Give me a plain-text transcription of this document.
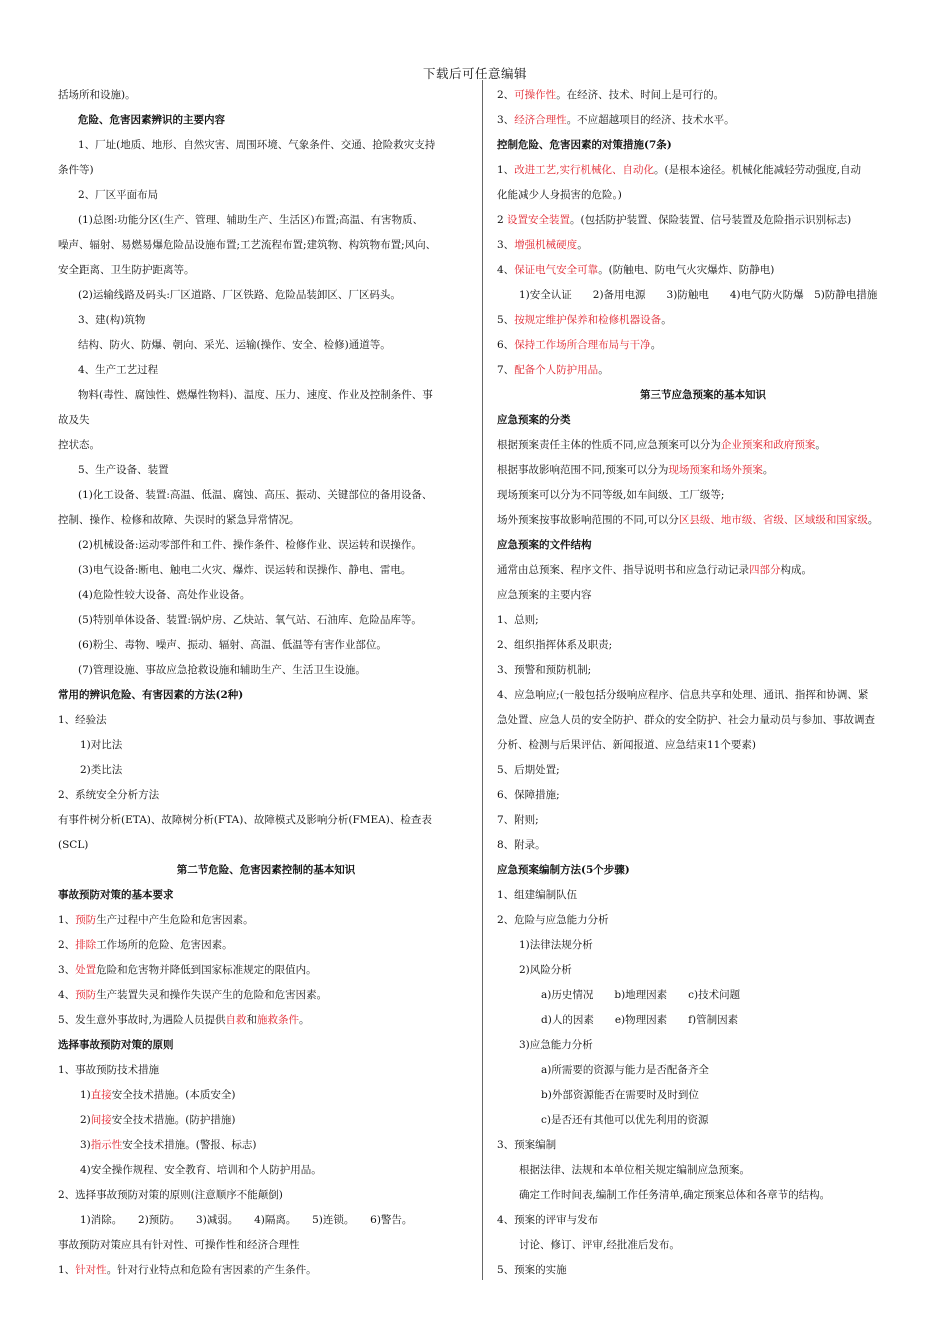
下载后可任意编辑
括场所和设施)。
危险、危害因素辨识的主要内容
1、厂址(地质、地形、自然灾害、周围环境、气象条件、交通、抢险救灾支持
条件等)
2、厂区平面布局
(1)总图:功能分区(生产、管理、辅助生产、生活区)布置;高温、有害物质、
噪声、辐射、易燃易爆危险品设施布置;工艺流程布置;建筑物、构筑物布置;风向、
安全距离、卫生防护距离等。
(2)运输线路及码头:厂区道路、厂区铁路、危险品装卸区、厂区码头。
3、建(构)筑物
结构、防火、防爆、朝向、采光、运输(操作、安全、检修)通道等。
4、生产工艺过程
物料(毒性、腐蚀性、燃爆性物料)、温度、压力、速度、作业及控制条件、事
故及失
控状态。
5、生产设备、装置
(1)化工设备、装置:高温、低温、腐蚀、高压、振动、关键部位的备用设备、
控制、操作、检修和故障、失误时的紧急异常情况。
(2)机械设备:运动零部件和工件、操作条件、检修作业、误运转和误操作。
(3)电气设备:断电、触电二火灾、爆炸、误运转和误操作、静电、雷电。
(4)危险性较大设备、高处作业设备。
(5)特别单体设备、装置:锅炉房、乙炔站、氧气站、石油库、危险品库等。
(6)粉尘、毒物、噪声、振动、辐射、高温、低温等有害作业部位。
(7)管理设施、事故应急抢救设施和辅助生产、生活卫生设施。
常用的辨识危险、有害因素的方法(2种)
1、经验法
1)对比法
2)类比法
2、系统安全分析方法
有事件树分析(ETA)、故障树分析(FTA)、故障模式及影响分析(FMEA)、检查表
(SCL)
第二节危险、危害因素控制的基本知识
事故预防对策的基本要求
1、预防生产过程中产生危险和危害因素。
2、排除工作场所的危险、危害因素。
3、处置危险和危害物并降低到国家标准规定的限值内。
4、预防生产装置失灵和操作失误产生的危险和危害因素。
5、发生意外事故时,为遇险人员提供自救和施救条件。
选择事故预防对策的原则
1、事故预防技术措施
1)直接安全技术措施。(本质安全)
2)间接安全技术措施。(防护措施)
3)指示性安全技术措施。(警报、标志)
4)安全操作规程、安全教育、培训和个人防护用品。
2、选择事故预防对策的原则(注意顺序不能颠倒)
1)消除。　　2)预防。　　3)减弱。　　4)隔离。　　5)连锁。　　6)警告。
事故预防对策应具有针对性、可操作性和经济合理性
1、针对性。针对行业特点和危险有害因素的产生条件。
2、可操作性。在经济、技术、时间上是可行的。
3、经济合理性。不应超越项目的经济、技术水平。
控制危险、危害因素的对策措施(7条)
1、改进工艺,实行机械化、自动化。(是根本途径。机械化能减轻劳动强度,自动
化能减少人身损害的危险。)
2 设置安全装置。(包括防护装置、保险装置、信号装置及危险指示识别标志)
3、增强机械硬度。
4、保证电气安全可靠。(防触电、防电气火灾爆炸、防静电)
1)安全认证　　2)备用电源　　3)防触电　　4)电气防火防爆　5)防静电措施
5、按规定维护保养和检修机器设备。
6、保持工作场所合理布局与干净。
7、配备个人防护用品。
第三节应急预案的基本知识
应急预案的分类
根据预案责任主体的性质不同,应急预案可以分为企业预案和政府预案。
根据事故影响范围不同,预案可以分为现场预案和场外预案。
现场预案可以分为不同等级,如车间级、工厂级等;
场外预案按事故影响范围的不同,可以分区县级、地市级、省级、区域级和国家级。
应急预案的文件结构
通常由总预案、程序文件、指导说明书和应急行动记录四部分构成。
应急预案的主要内容
1、总则;
2、组织指挥体系及职责;
3、预警和预防机制;
4、应急响应;(一般包括分级响应程序、信息共享和处理、通讯、指挥和协调、紧
急处置、应急人员的安全防护、群众的安全防护、社会力量动员与参加、事故调查
分析、检测与后果评估、新闻报道、应急结束11个要素)
5、后期处置;
6、保障措施;
7、附则;
8、附录。
应急预案编制方法(5个步骤)
1、组建编制队伍
2、危险与应急能力分析
1)法律法规分析
2)风险分析
a)历史情况　　b)地理因素　　c)技术问题
d)人的因素　　e)物理因素　　f)管制因素
3)应急能力分析
a)所需要的资源与能力是否配备齐全
b)外部资源能否在需要时及时到位
c)是否还有其他可以优先利用的资源
3、预案编制
根据法律、法规和本单位相关规定编制应急预案。
确定工作时间表,编制工作任务清单,确定预案总体和各章节的结构。
4、预案的评审与发布
讨论、修订、评审,经批准后发布。
5、预案的实施
